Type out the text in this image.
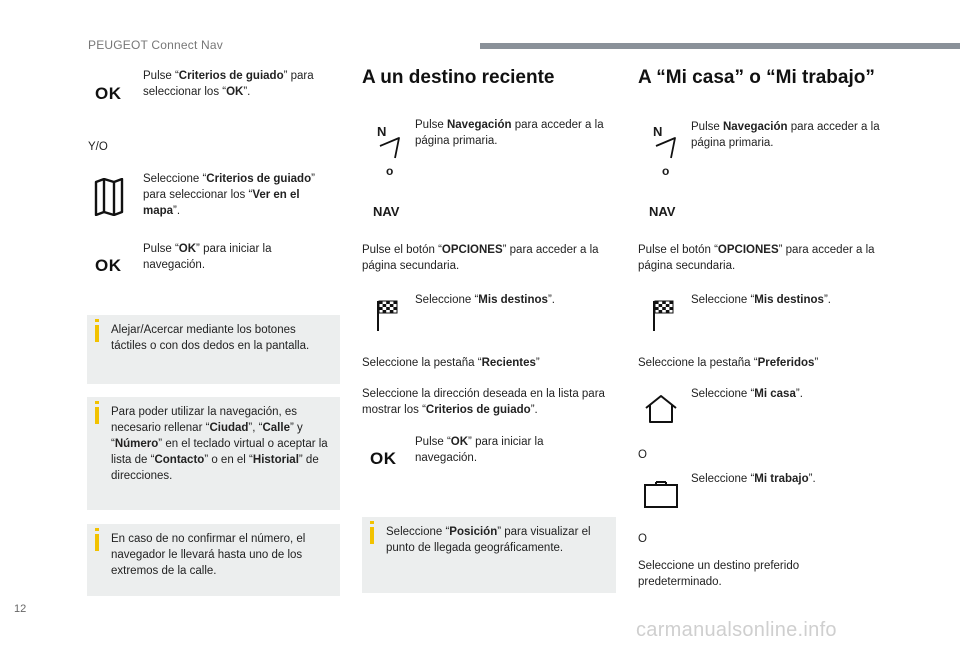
PEUGEOT Connect Nav
OK
Pulse “Criterios de guiado” para seleccionar los “OK”.
Y/O
Seleccione “Criterios de guiado” para seleccionar los “Ver en el mapa”.
OK
Pulse “OK” para iniciar la navegación.
Alejar/Acercar mediante los botones táctiles o con dos dedos en la pantalla.
Para poder utilizar la navegación, es necesario rellenar “Ciudad”, “Calle” y “Número” en el teclado virtual o aceptar la lista de “Contacto” o en el “Historial” de direcciones.
En caso de no confirmar el número, el navegador le llevará hasta uno de los extremos de la calle.
A un destino reciente
N
o
NAV
Pulse Navegación para acceder a la página primaria.
Pulse el botón “OPCIONES” para acceder a la página secundaria.
Seleccione “Mis destinos”.
Seleccione la pestaña “Recientes”
Seleccione la dirección deseada en la lista para mostrar los “Criterios de guiado”.
OK
Pulse “OK” para iniciar la navegación.
Seleccione “Posición” para visualizar el punto de llegada geográficamente.
A “Mi casa” o “Mi trabajo”
N
o
NAV
Pulse Navegación para acceder a la página primaria.
Pulse el botón “OPCIONES” para acceder a la página secundaria.
Seleccione “Mis destinos”.
Seleccione la pestaña “Preferidos”
Seleccione “Mi casa”.
O
Seleccione “Mi trabajo”.
O
Seleccione un destino preferido predeterminado.
12
carmanualsonline.info
